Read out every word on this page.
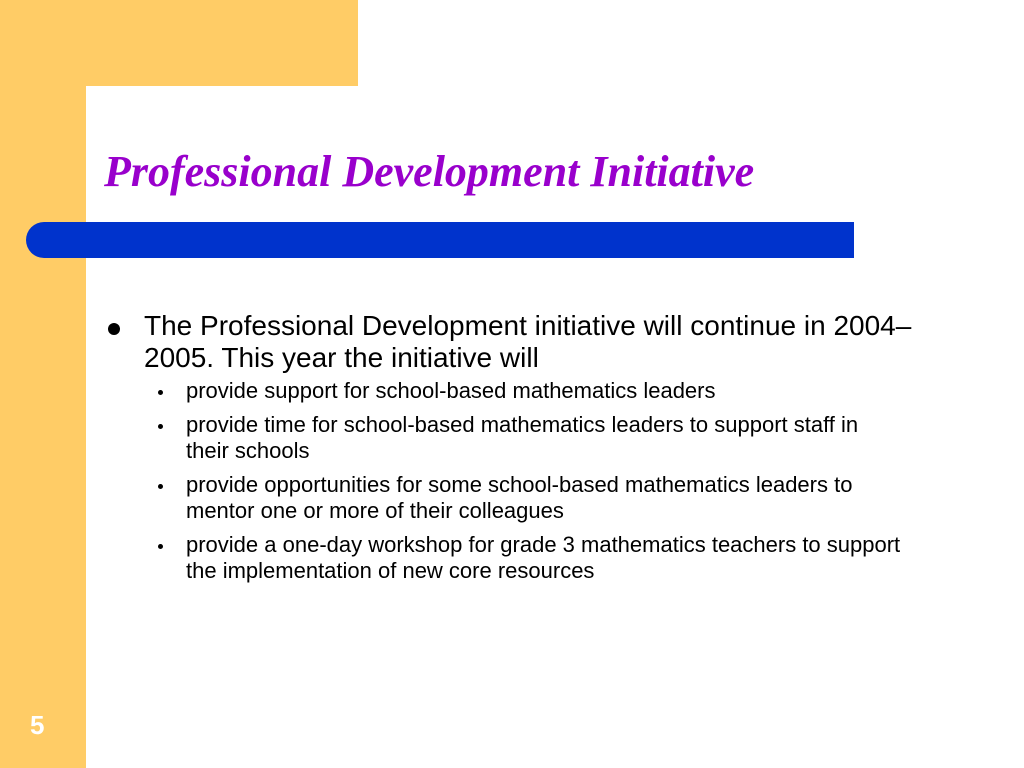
Professional Development Initiative
The Professional Development initiative will continue in 2004–2005. This year the initiative will
provide support for school-based mathematics leaders
provide time for school-based mathematics leaders to support staff in their schools
provide opportunities for some school-based mathematics leaders to mentor one or more of their colleagues
provide a one-day workshop for grade 3 mathematics teachers to support the implementation of new core resources
5
